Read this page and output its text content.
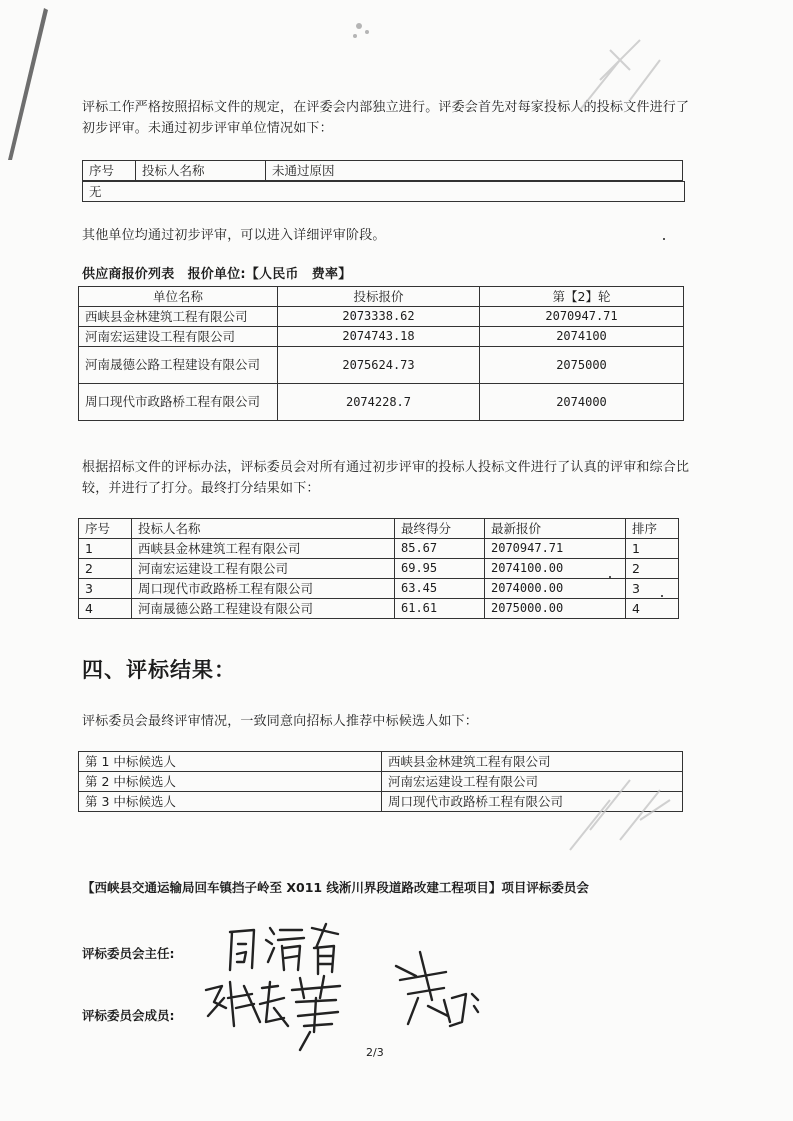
评标工作严格按照招标文件的规定，在评委会内部独立进行。评委会首先对每家投标人的投标文件进行了初步评审。未通过初步评审单位情况如下：
序号	投标人名称	未通过原因
无
其他单位均通过初步评审，可以进入详细评审阶段。
供应商报价列表　报价单位:【人民币　费率】
单位名称	投标报价	第【2】轮
西峡县金林建筑工程有限公司	2073338.62	2070947.71
河南宏运建设工程有限公司	2074743.18	2074100
河南晟德公路工程建设有限公司	2075624.73	2075000
周口现代市政路桥工程有限公司	2074228.7	2074000
根据招标文件的评标办法，评标委员会对所有通过初步评审的投标人投标文件进行了认真的评审和综合比较，并进行了打分。最终打分结果如下：
序号	投标人名称	最终得分	最新报价	排序
1	西峡县金林建筑工程有限公司	85.67	2070947.71	1
2	河南宏运建设工程有限公司	69.95	2074100.00	2
3	周口现代市政路桥工程有限公司	63.45	2074000.00	3
4	河南晟德公路工程建设有限公司	61.61	2075000.00	4
四、评标结果：
评标委员会最终评审情况，一致同意向招标人推荐中标候选人如下：
第 1 中标候选人	西峡县金林建筑工程有限公司
第 2 中标候选人	河南宏运建设工程有限公司
第 3 中标候选人	周口现代市政路桥工程有限公司
【西峡县交通运输局回车镇挡子岭至 X011 线淅川界段道路改建工程项目】项目评标委员会
评标委员会主任:
评标委员会成员:
2/3
